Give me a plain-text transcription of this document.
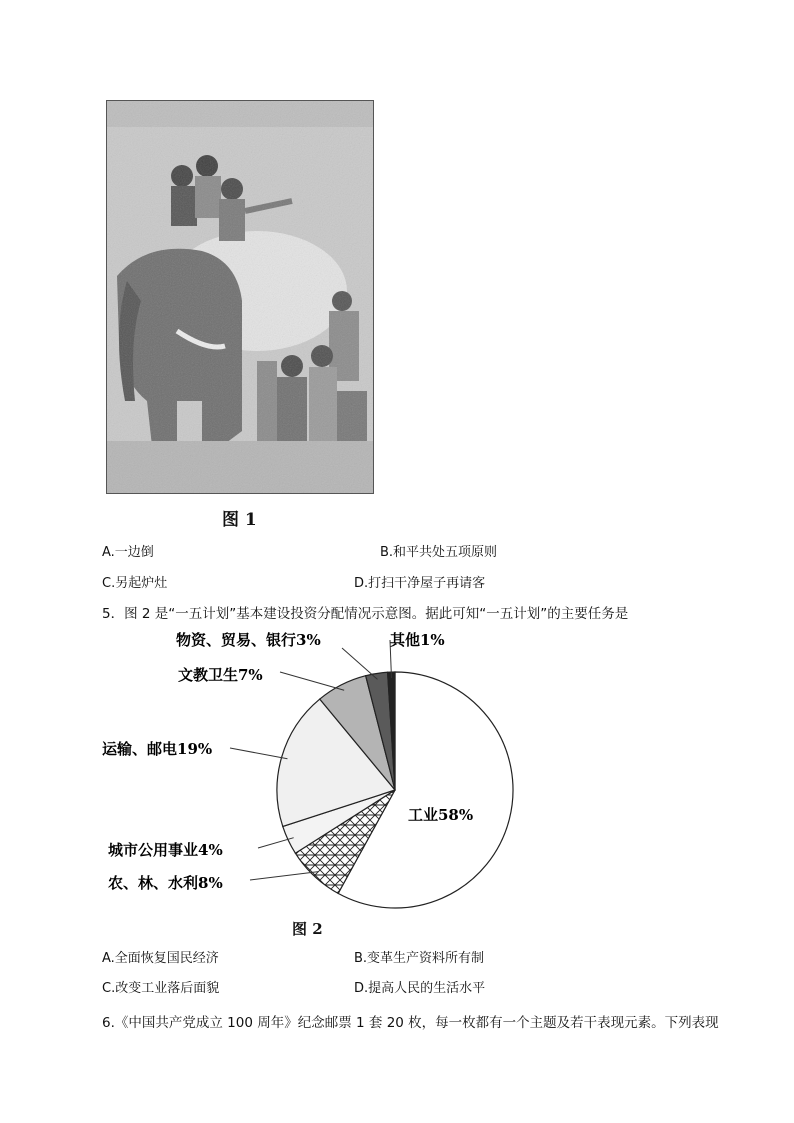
图 1
A.一边倒	B.和平共处五项原则
C.另起炉灶	D.打扫干净屋子再请客
5．图 2 是“一五计划”基本建设投资分配情况示意图。据此可知“一五计划”的主要任务是
工业58%
农、林、水利8%
城市公用事业4%
运输、邮电19%
文教卫生7%
物资、贸易、银行3%	其他1%
图 2
A.全面恢复国民经济	B.变革生产资料所有制
C.改变工业落后面貌	D.提高人民的生活水平
6.《中国共产党成立 100 周年》纪念邮票 1 套 20 枚，每一枚都有一个主题及若干表现元素。下列表现
